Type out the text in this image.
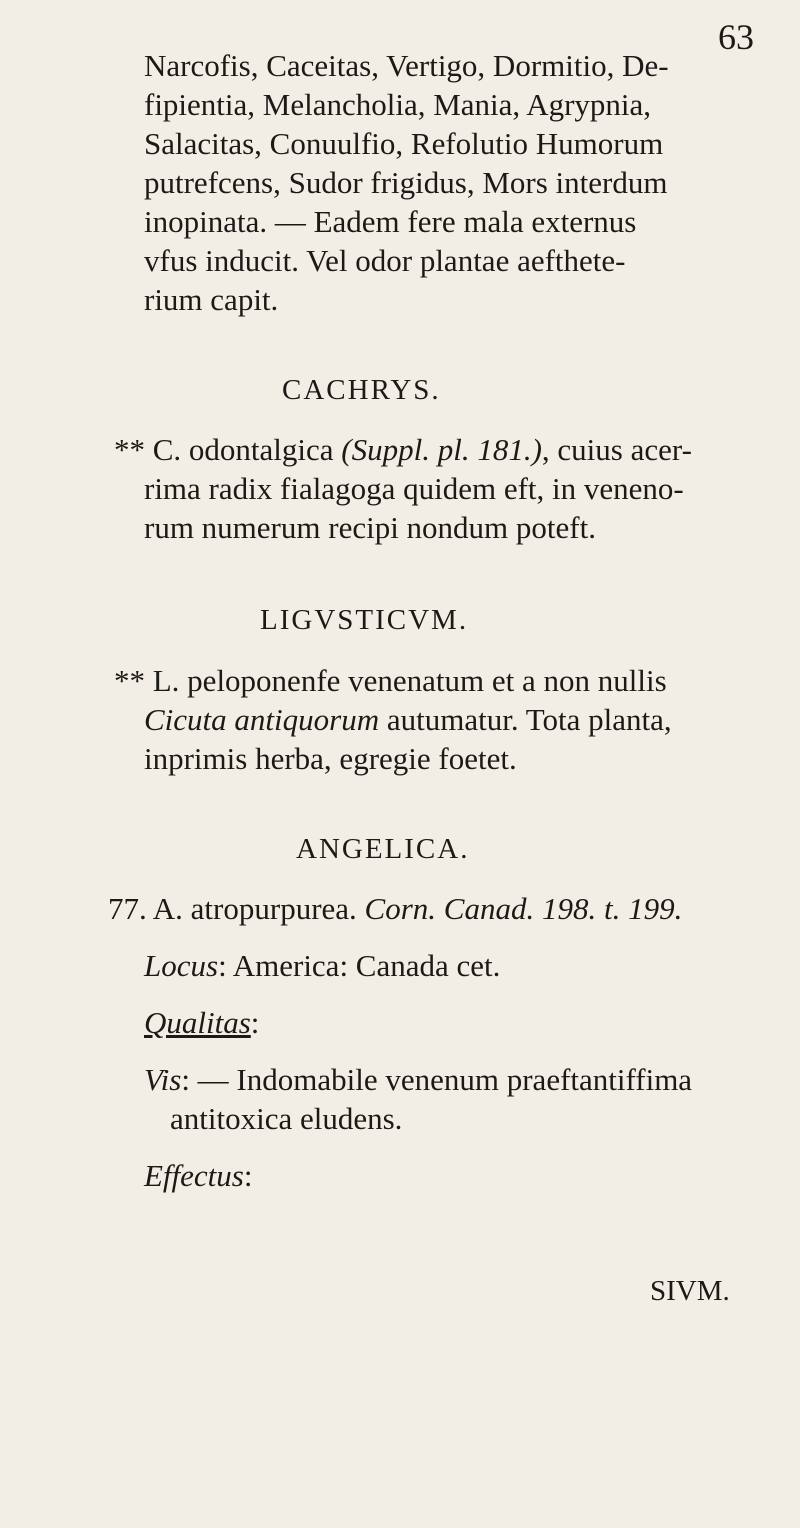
63
Narcofis, Caceitas, Vertigo, Dormitio, De-
fipientia, Melancholia, Mania, Agrypnia,
Salacitas, Conuulfio, Refolutio Humorum
putrefcens, Sudor frigidus, Mors interdum
inopinata. — Eadem fere mala externus
vfus inducit. Vel odor plantae aefthete-
rium capit.
CACHRYS.
** C. odontalgica (Suppl. pl. 181.), cuius acer-
rima radix fialagoga quidem eft, in veneno-
rum numerum recipi nondum poteft.
LIGVSTICVM.
** L. peloponenfe venenatum et a non nullis
Cicuta antiquorum autumatur. Tota planta,
inprimis herba, egregie foetet.
ANGELICA.
77. A. atropurpurea. Corn. Canad. 198. t. 199.
Locus: America: Canada cet.
Qualitas:
Vis: — Indomabile venenum praeftantiffima
antitoxica eludens.
Effectus:
SIVM.
